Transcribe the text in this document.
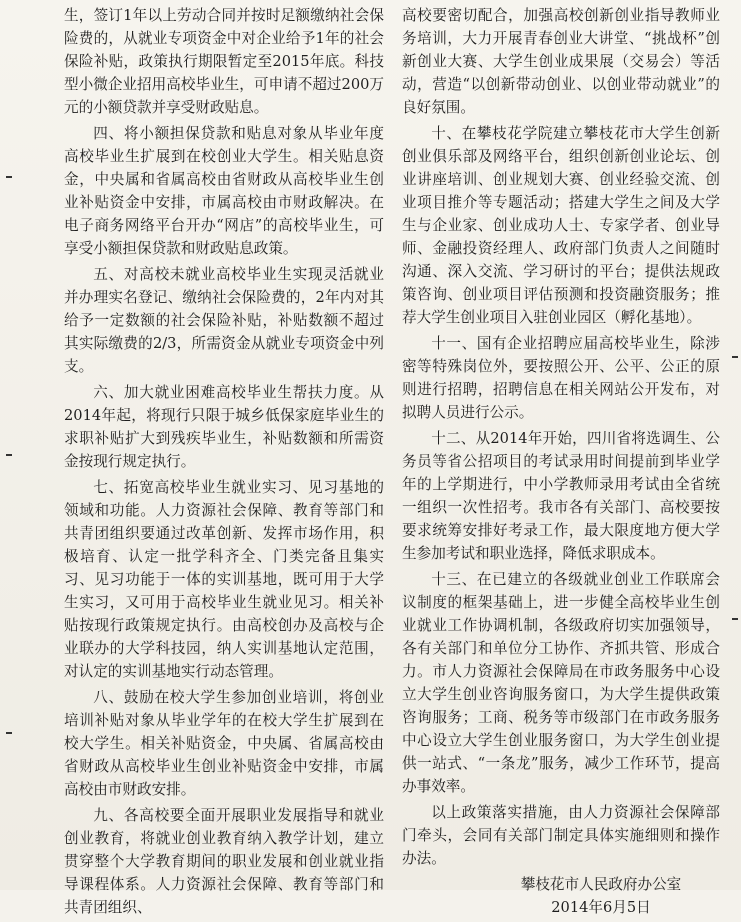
生，签订1年以上劳动合同并按时足额缴纳社会保险费的，从就业专项资金中对企业给予1年的社会保险补贴，政策执行期限暂定至2015年底。科技型小微企业招用高校毕业生，可申请不超过200万元的小额贷款并享受财政贴息。

四、将小额担保贷款和贴息对象从毕业年度高校毕业生扩展到在校创业大学生。相关贴息资金，中央属和省属高校由省财政从高校毕业生创业补贴资金中安排，市属高校由市财政解决。在电子商务网络平台开办“网店”的高校毕业生，可享受小额担保贷款和财政贴息政策。

五、对高校未就业高校毕业生实现灵活就业并办理实名登记、缴纳社会保险费的，2年内对其给予一定数额的社会保险补贴，补贴数额不超过其实际缴费的2/3，所需资金从就业专项资金中列支。

六、加大就业困难高校毕业生帮扶力度。从2014年起，将现行只限于城乡低保家庭毕业生的求职补贴扩大到残疾毕业生，补贴数额和所需资金按现行规定执行。

七、拓宽高校毕业生就业实习、见习基地的领域和功能。人力资源社会保障、教育等部门和共青团组织要通过改革创新、发挥市场作用，积极培育、认定一批学科齐全、门类完备且集实习、见习功能于一体的实训基地，既可用于大学生实习，又可用于高校毕业生就业见习。相关补贴按现行政策规定执行。由高校创办及高校与企业联办的大学科技园，纳人实训基地认定范围，对认定的实训基地实行动态管理。

八、鼓励在校大学生参加创业培训，将创业培训补贴对象从毕业学年的在校大学生扩展到在校大学生。相关补贴资金，中央属、省属高校由省财政从高校毕业生创业补贴资金中安排，市属高校由市财政安排。

九、各高校要全面开展职业发展指导和就业创业教育，将就业创业教育纳入教学计划，建立贯穿整个大学教育期间的职业发展和创业就业指导课程体系。人力资源社会保障、教育等部门和共青团组织、

高校要密切配合，加强高校创新创业指导教师业务培训，大力开展青春创业大讲堂、“挑战杯”创新创业大赛、大学生创业成果展（交易会）等活动，营造“以创新带动创业、以创业带动就业”的良好氛围。

十、在攀枝花学院建立攀枝花市大学生创新创业俱乐部及网络平台，组织创新创业论坛、创业讲座培训、创业规划大赛、创业经验交流、创业项目推介等专题活动；搭建大学生之间及大学生与企业家、创业成功人士、专家学者、创业导师、金融投资经理人、政府部门负责人之间随时沟通、深入交流、学习研讨的平台；提供法规政策咨询、创业项目评估预测和投资融资服务；推荐大学生创业项目入驻创业园区（孵化基地）。

十一、国有企业招聘应届高校毕业生，除涉密等特殊岗位外，要按照公开、公平、公正的原则进行招聘，招聘信息在相关网站公开发布，对拟聘人员进行公示。

十二、从2014年开始，四川省将选调生、公务员等省公招项目的考试录用时间提前到毕业学年的上学期进行，中小学教师录用考试由全省统一组织一次性招考。我市各有关部门、高校要按要求统筹安排好考录工作，最大限度地方便大学生参加考试和职业选择，降低求职成本。

十三、在已建立的各级就业创业工作联席会议制度的框架基础上，进一步健全高校毕业生创业就业工作协调机制，各级政府切实加强领导，各有关部门和单位分工协作、齐抓共管、形成合力。市人力资源社会保障局在市政务服务中心设立大学生创业咨询服务窗口，为大学生提供政策咨询服务；工商、税务等市级部门在市政务服务中心设立大学生创业服务窗口，为大学生创业提供一站式、“一条龙”服务，减少工作环节，提高办事效率。

以上政策落实措施，由人力资源社会保障部门牵头，会同有关部门制定具体实施细则和操作办法。

攀枝花市人民政府办公室

2014年6月5日
